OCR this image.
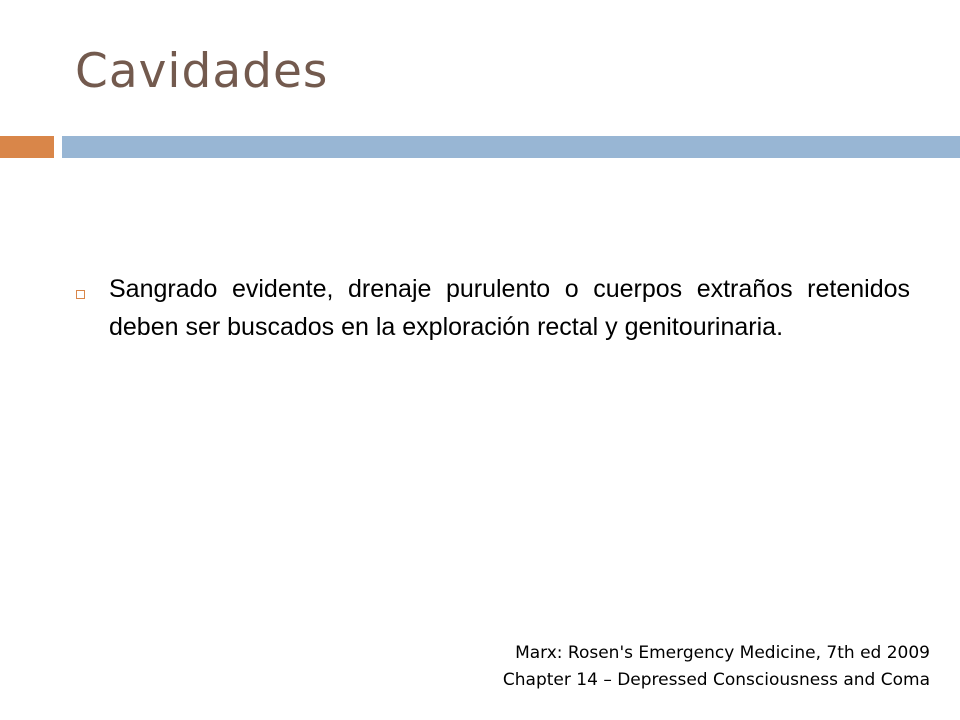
Cavidades
Sangrado evidente, drenaje purulento o cuerpos extraños retenidos deben ser buscados en la exploración rectal y genitourinaria.
Marx: Rosen's Emergency Medicine, 7th ed 2009
Chapter 14 – Depressed Consciousness and Coma
